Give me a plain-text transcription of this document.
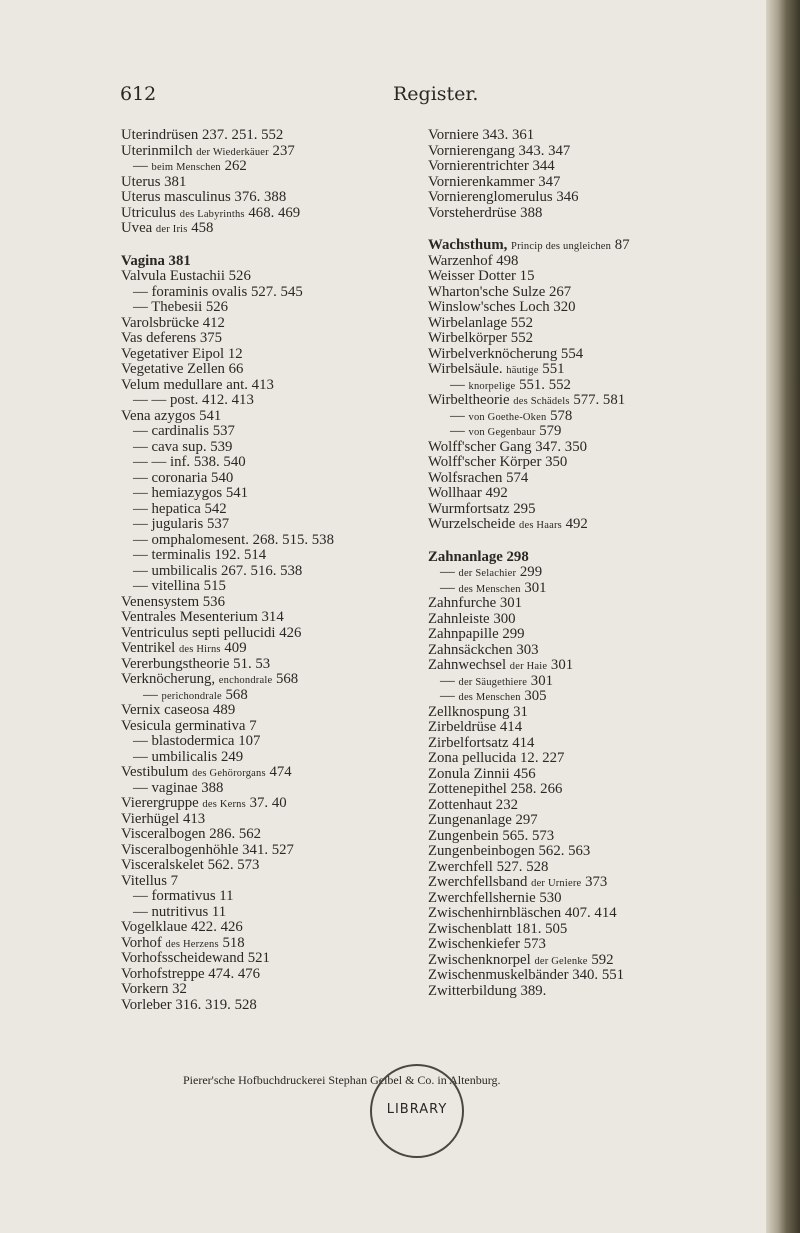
612	Register.
Uterindrüsen 237. 251. 552
Uterinmilch der Wiederkäuer 237
— beim Menschen 262
Uterus 381
Uterus masculinus 376. 388
Utriculus des Labyrinths 468. 469
Uvea der Iris 458
Vagina 381
Valvula Eustachii 526
— foraminis ovalis 527. 545
— Thebesii 526
Varolsbrücke 412
Vas deferens 375
Vegetativer Eipol 12
Vegetative Zellen 66
Velum medullare ant. 413
— — post. 412. 413
Vena azygos 541
— cardinalis 537
— cava sup. 539
— — inf. 538. 540
— coronaria 540
— hemiazygos 541
— hepatica 542
— jugularis 537
— omphalomesent. 268. 515. 538
— terminalis 192. 514
— umbilicalis 267. 516. 538
— vitellina 515
Venensystem 536
Ventrales Mesenterium 314
Ventriculus septi pellucidi 426
Ventrikel des Hirns 409
Vererbungstheorie 51. 53
Verknöcherung, enchondrale 568
— perichondrale 568
Vernix caseosa 489
Vesicula germinativa 7
— blastodermica 107
— umbilicalis 249
Vestibulum des Gehörorgans 474
— vaginae 388
Vierergruppe des Kerns 37. 40
Vierhügel 413
Visceralbogen 286. 562
Visceralbogenhöhle 341. 527
Visceralskelet 562. 573
Vitellus 7
— formativus 11
— nutritivus 11
Vogelklaue 422. 426
Vorhof des Herzens 518
Vorhofsscheidewand 521
Vorhofstreppe 474. 476
Vorkern 32
Vorleber 316. 319. 528
Vorniere 343. 361
Vornierengang 343. 347
Vornierentrichter 344
Vornierenkammer 347
Vornierenglomerulus 346
Vorsteherdrüse 388
Wachsthum, Princip des ungleichen 87
Warzenhof 498
Weisser Dotter 15
Wharton'sche Sulze 267
Winslow'sches Loch 320
Wirbelanlage 552
Wirbelkörper 552
Wirbelverknöcherung 554
Wirbelsäule. häutige 551
— knorpelige 551. 552
Wirbeltheorie des Schädels 577. 581
— von Goethe-Oken 578
— von Gegenbaur 579
Wolff'scher Gang 347. 350
Wolff'scher Körper 350
Wolfsrachen 574
Wollhaar 492
Wurmfortsatz 295
Wurzelscheide des Haars 492
Zahnanlage 298
— der Selachier 299
— des Menschen 301
Zahnfurche 301
Zahnleiste 300
Zahnpapille 299
Zahnsäckchen 303
Zahnwechsel der Haie 301
— der Säugethiere 301
— des Menschen 305
Zellknospung 31
Zirbeldrüse 414
Zirbelfortsatz 414
Zona pellucida 12. 227
Zonula Zinnii 456
Zottenepithel 258. 266
Zottenhaut 232
Zungenanlage 297
Zungenbein 565. 573
Zungenbeinbogen 562. 563
Zwerchfell 527. 528
Zwerchfellsband der Urniere 373
Zwerchfellshernie 530
Zwischenhirnbläschen 407. 414
Zwischenblatt 181. 505
Zwischenkiefer 573
Zwischenknorpel der Gelenke 592
Zwischenmuskelbänder 340. 551
Zwitterbildung 389.
Pierer'sche Hofbuchdruckerei Stephan Geibel & Co. in Altenburg.
LIBRARY
